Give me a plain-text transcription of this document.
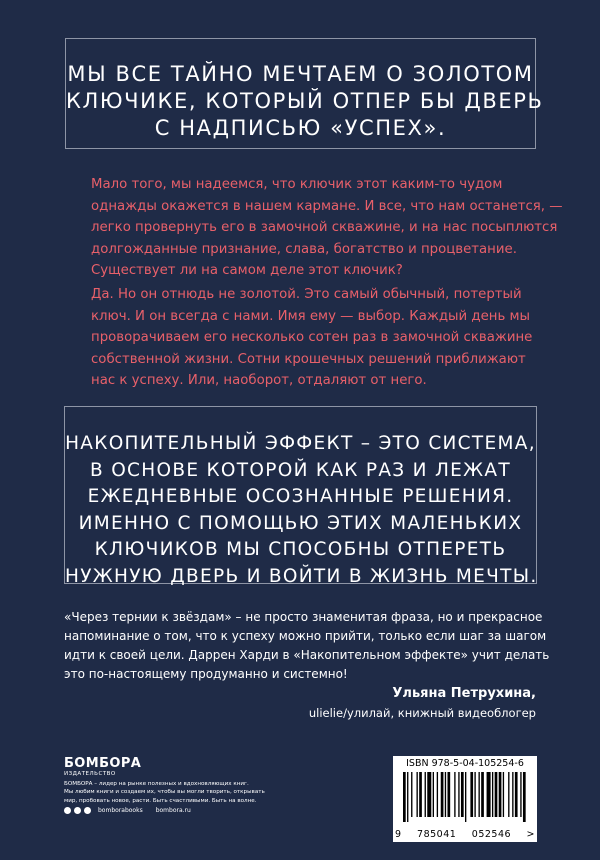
МЫ ВСЕ ТАЙНО МЕЧТАЕМ О ЗОЛОТОМ
КЛЮЧИКЕ, КОТОРЫЙ ОТПЕР БЫ ДВЕРЬ
С НАДПИСЬЮ «УСПЕХ».
Мало того, мы надеемся, что ключик этот каким-то чудом
однажды окажется в нашем кармане. И все, что нам останется, —
легко провернуть его в замочной скважине, и на нас посыплются
долгожданные признание, слава, богатство и процветание.
Существует ли на самом деле этот ключик?
Да. Но он отнюдь не золотой. Это самый обычный, потертый
ключ. И он всегда с нами. Имя ему — выбор. Каждый день мы
проворачиваем его несколько сотен раз в замочной скважине
собственной жизни. Сотни крошечных решений приближают
нас к успеху. Или, наоборот, отдаляют от него.
НАКОПИТЕЛЬНЫЙ ЭФФЕКТ – ЭТО СИСТЕМА,
В ОСНОВЕ КОТОРОЙ КАК РАЗ И ЛЕЖАТ
ЕЖЕДНЕВНЫЕ ОСОЗНАННЫЕ РЕШЕНИЯ.
ИМЕННО С ПОМОЩЬЮ ЭТИХ МАЛЕНЬКИХ
КЛЮЧИКОВ МЫ СПОСОБНЫ ОТПЕРЕТЬ
НУЖНУЮ ДВЕРЬ И ВОЙТИ В ЖИЗНЬ МЕЧТЫ.
«Через тернии к звёздам» – не просто знаменитая фраза, но и прекрасное
напоминание о том, что к успеху можно прийти, только если шаг за шагом
идти к своей цели. Даррен Харди в «Накопительном эффекте» учит делать
это по-настоящему продуманно и системно!
Ульяна Петрухина,
ulielie/улилай, книжный видеоблогер
БОМБОРА
ИЗДАТЕЛЬСТВО
БОМБОРА – лидер на рынке полезных и вдохновляющих книг.
Мы любим книги и создаем их, чтобы вы могли творить, открывать
мир, пробовать новое, расти. Быть счастливыми. Быть на волне.
bomborabooks bombora.ru
ISBN 978-5-04-105254-6
9 785041 052546 >
